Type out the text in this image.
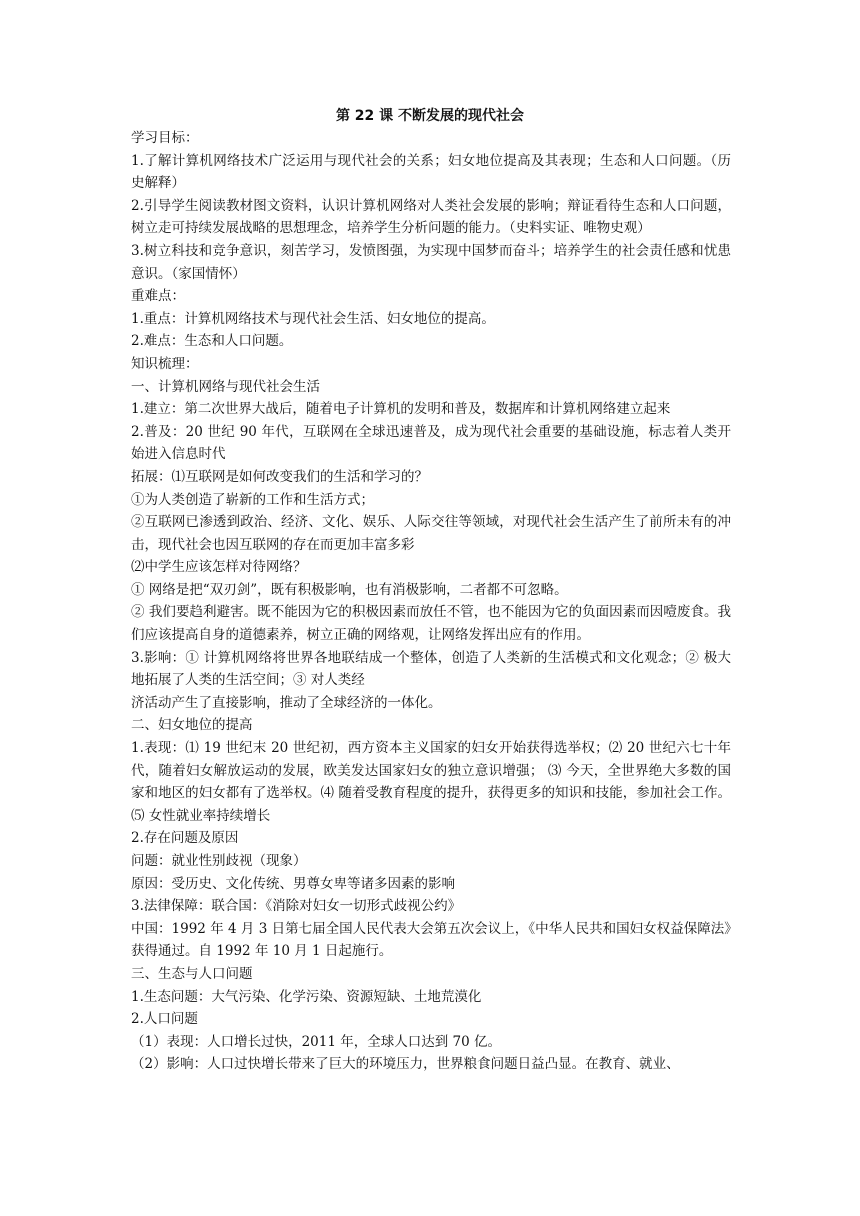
第 22 课 不断发展的现代社会

学习目标：

1.了解计算机网络技术广泛运用与现代社会的关系；妇女地位提高及其表现；生态和人口问题。（历史解释）

2.引导学生阅读教材图文资料，认识计算机网络对人类社会发展的影响；辩证看待生态和人口问题，树立走可持续发展战略的思想理念，培养学生分析问题的能力。（史料实证、唯物史观）

3.树立科技和竞争意识，刻苦学习，发愤图强，为实现中国梦而奋斗；培养学生的社会责任感和忧患意识。（家国情怀）

重难点：

1.重点：计算机网络技术与现代社会生活、妇女地位的提高。

2.难点：生态和人口问题。

知识梳理：

一、计算机网络与现代社会生活

1.建立：第二次世界大战后，随着电子计算机的发明和普及，数据库和计算机网络建立起来

2.普及：20 世纪 90 年代，互联网在全球迅速普及，成为现代社会重要的基础设施，标志着人类开始进入信息时代

拓展：⑴互联网是如何改变我们的生活和学习的？

①为人类创造了崭新的工作和生活方式；

②互联网已渗透到政治、经济、文化、娱乐、人际交往等领域，对现代社会生活产生了前所未有的冲击，现代社会也因互联网的存在而更加丰富多彩

⑵中学生应该怎样对待网络？

① 网络是把“双刃剑”，既有积极影响，也有消极影响，二者都不可忽略。

② 我们要趋利避害。既不能因为它的积极因素而放任不管，也不能因为它的负面因素而因噎废食。我们应该提高自身的道德素养，树立正确的网络观，让网络发挥出应有的作用。

3.影响：① 计算机网络将世界各地联结成一个整体，创造了人类新的生活模式和文化观念；② 极大地拓展了人类的生活空间；③ 对人类经

济活动产生了直接影响，推动了全球经济的一体化。

二、妇女地位的提高

1.表现：⑴ 19 世纪末 20 世纪初，西方资本主义国家的妇女开始获得选举权；⑵ 20 世纪六七十年代，随着妇女解放运动的发展，欧美发达国家妇女的独立意识增强； ⑶ 今天，全世界绝大多数的国家和地区的妇女都有了选举权。⑷ 随着受教育程度的提升，获得更多的知识和技能，参加社会工作。⑸ 女性就业率持续增长

2.存在问题及原因

问题：就业性别歧视（现象）

原因：受历史、文化传统、男尊女卑等诸多因素的影响

3.法律保障：联合国：《消除对妇女一切形式歧视公约》

中国：1992 年 4 月 3 日第七届全国人民代表大会第五次会议上，《中华人民共和国妇女权益保障法》获得通过。自 1992 年 10 月 1 日起施行。

三、生态与人口问题

1.生态问题：大气污染、化学污染、资源短缺、土地荒漠化

2.人口问题

（1）表现：人口增长过快，2011 年，全球人口达到 70 亿。

（2）影响：人口过快增长带来了巨大的环境压力，世界粮食问题日益凸显。在教育、就业、
